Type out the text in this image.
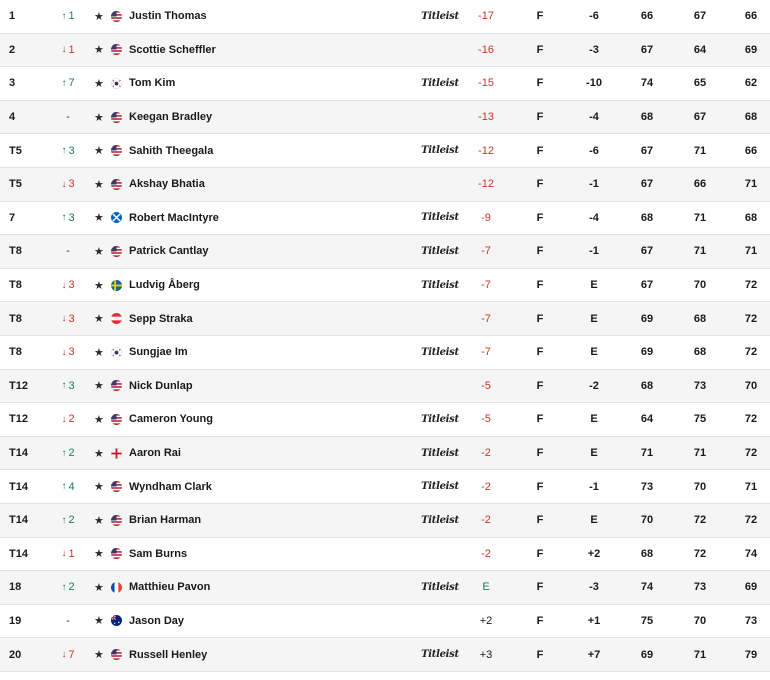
1	↑ 1 ★ Justin Thomas	Titleist -17	F	-6	66	67	66
2	↓ 1 ★ Scottie Scheffler	-16	F	-3	67	64	69
3	↑ 7 ★ Tom Kim	Titleist -15	F	-10	74	65	62
4	- ★ Keegan Bradley	-13	F	-4	68	67	68
T5	↑ 3 ★ Sahith Theegala	Titleist -12	F	-6	67	71	66
T5	↓ 3 ★ Akshay Bhatia	-12	F	-1	67	66	71
7	↑ 3 ★ Robert MacIntyre	Titleist -9	F	-4	68	71	68
T8	- ★ Patrick Cantlay	Titleist -7	F	-1	67	71	71
T8	↓ 3 ★ Ludvig Åberg	Titleist -7	F	E	67	70	72
T8	↓ 3 ★ Sepp Straka	-7	F	E	69	68	72
T8	↓ 3 ★ Sungjae Im	Titleist -7	F	E	69	68	72
T12	↑ 3 ★ Nick Dunlap	-5	F	-2	68	73	70
T12	↓ 2 ★ Cameron Young	Titleist -5	F	E	64	75	72
T14	↑ 2 ★ Aaron Rai	Titleist -2	F	E	71	71	72
T14	↑ 4 ★ Wyndham Clark	Titleist -2	F	-1	73	70	71
T14	↑ 2 ★ Brian Harman	Titleist -2	F	E	70	72	72
T14	↓ 1 ★ Sam Burns	-2	F	+2	68	72	74
18	↑ 2 ★ Matthieu Pavon	Titleist E	F	-3	74	73	69
19	- ★ Jason Day	+2	F	+1	75	70	73
20	↓ 7 ★ Russell Henley	Titleist +3	F	+7	69	71	79
